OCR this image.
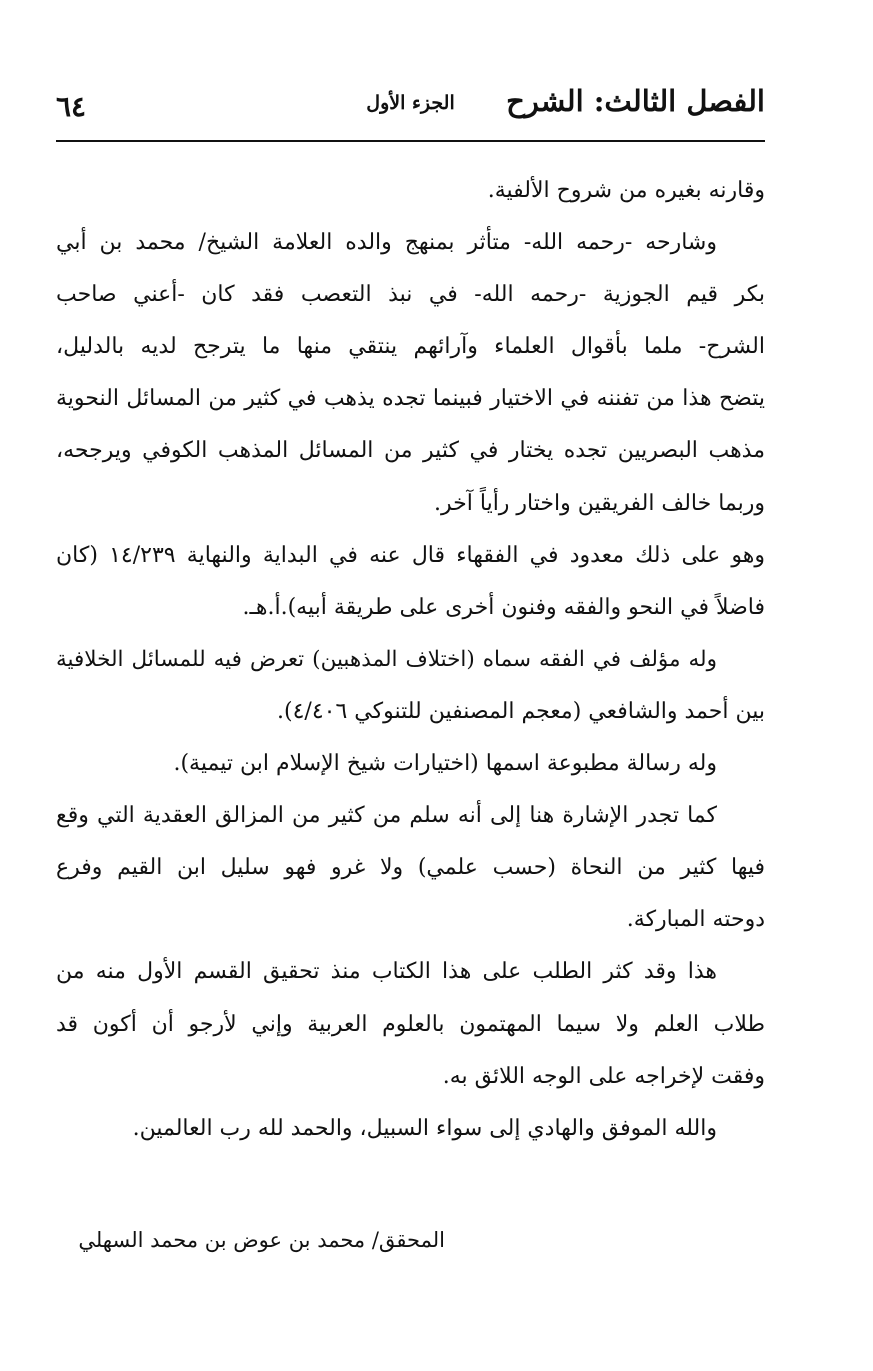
الفصل الثالث: الشرح
الجزء الأول
٦٤
وقارنه بغيره من شروح الألفية.
وشارحه -رحمه الله- متأثر بمنهج والده العلامة الشيخ/ محمد بن أبي
بكر قيم الجوزية -رحمه الله- في نبذ التعصب فقد كان -أعني صاحب
الشرح- ملما بأقوال العلماء وآرائهم ينتقي منها ما يترجح لديه بالدليل،
يتضح هذا من تفننه في الاختيار فبينما تجده يذهب في كثير من المسائل النحوية
مذهب البصريين تجده يختار في كثير من المسائل المذهب الكوفي ويرجحه،
وربما خالف الفريقين واختار رأياً آخر.
وهو على ذلك معدود في الفقهاء قال عنه في البداية والنهاية ١٤/٢٣٩ (كان
فاضلاً في النحو والفقه وفنون أخرى على طريقة أبيه).أ.هـ.
وله مؤلف في الفقه سماه (اختلاف المذهبين) تعرض فيه للمسائل الخلافية
بين أحمد والشافعي (معجم المصنفين للتنوكي ٤/٤٠٦).
وله رسالة مطبوعة اسمها (اختيارات شيخ الإسلام ابن تيمية).
كما تجدر الإشارة هنا إلى أنه سلم من كثير من المزالق العقدية التي وقع
فيها كثير من النحاة (حسب علمي) ولا غرو فهو سليل ابن القيم وفرع
دوحته المباركة.
هذا وقد كثر الطلب على هذا الكتاب منذ تحقيق القسم الأول منه من
طلاب العلم ولا سيما المهتمون بالعلوم العربية وإني لأرجو أن أكون قد
وفقت لإخراجه على الوجه اللائق به.
والله الموفق والهادي إلى سواء السبيل، والحمد لله رب العالمين.
المحقق/ محمد بن عوض بن محمد السهلي
